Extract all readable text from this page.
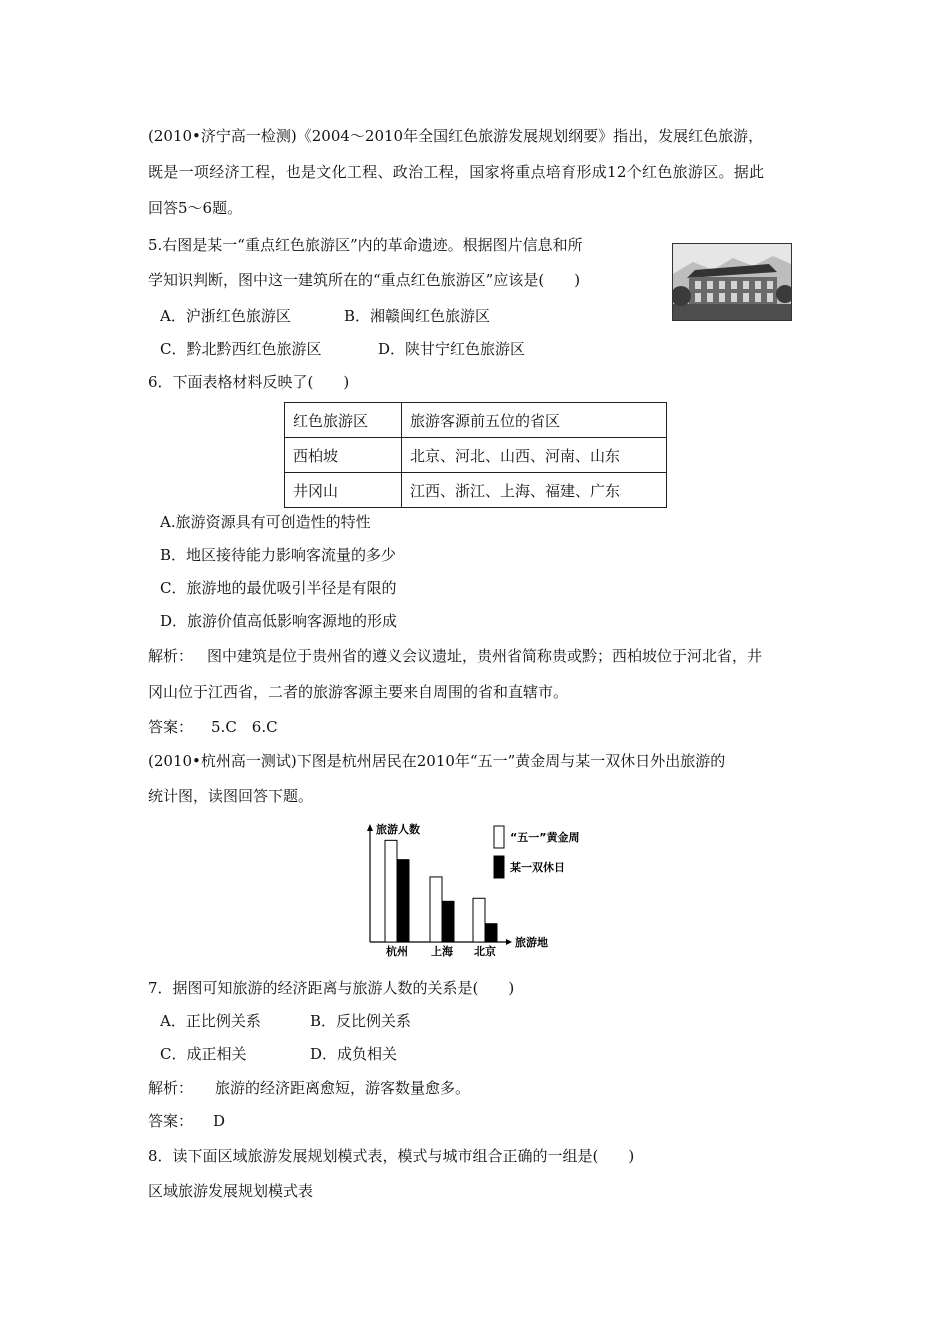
(2010•济宁高一检测)《2004～2010年全国红色旅游发展规划纲要》指出，发展红色旅游，
既是一项经济工程，也是文化工程、政治工程，国家将重点培育形成12个红色旅游区。据此
回答5～6题。
5.右图是某一“重点红色旅游区”内的革命遗迹。根据图片信息和所
学知识判断，图中这一建筑所在的“重点红色旅游区”应该是(　　)
A．沪浙红色旅游区	B．湘赣闽红色旅游区
C．黔北黔西红色旅游区	D．陕甘宁红色旅游区
6．下面表格材料反映了(　　)
红色旅游区	旅游客源前五位的省区
西柏坡	北京、河北、山西、河南、山东
井冈山	江西、浙江、上海、福建、广东
A.旅游资源具有可创造性的特性
B．地区接待能力影响客流量的多少
C．旅游地的最优吸引半径是有限的
D．旅游价值高低影响客源地的形成
解析： 图中建筑是位于贵州省的遵义会议遗址，贵州省简称贵或黔；西柏坡位于河北省，井
冈山位于江西省，二者的旅游客源主要来自周围的省和直辖市。
答案： 5.C　6.C
(2010•杭州高一测试)下图是杭州居民在2010年“五一”黄金周与某一双休日外出旅游的
统计图，读图回答下题。
旅游人数
旅游地
杭州 上海 北京
“五一”黄金周
某一双休日
7．据图可知旅游的经济距离与旅游人数的关系是(　　)
A．正比例关系	B．反比例关系
C．成正相关	D．成负相关
解析： 旅游的经济距离愈短，游客数量愈多。
答案： D
8．读下面区域旅游发展规划模式表，模式与城市组合正确的一组是(　　)
区域旅游发展规划模式表
